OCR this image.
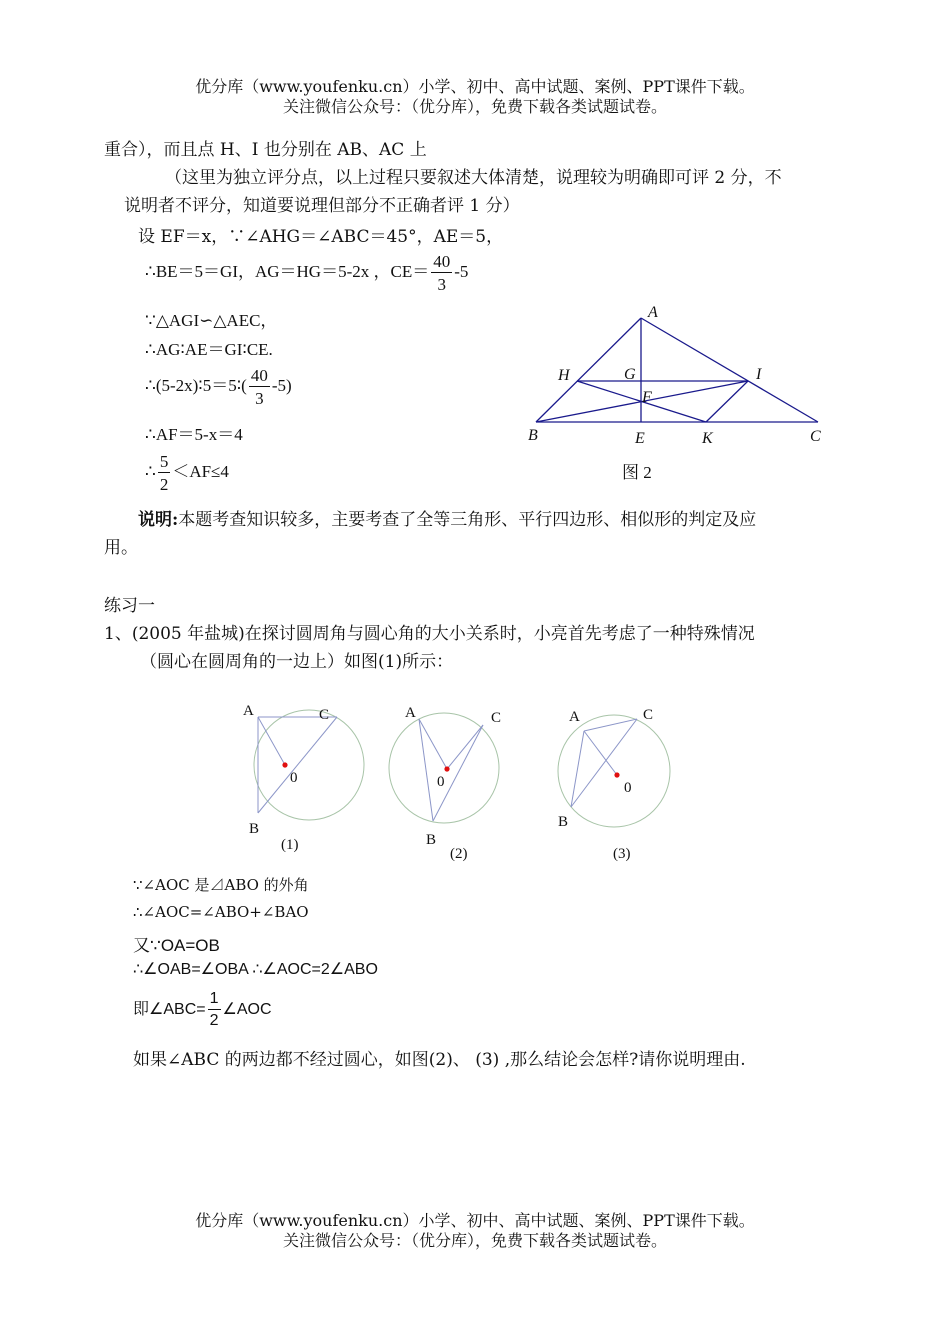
优分库（www.youfenku.cn）小学、初中、高中试题、案例、PPT课件下载。
关注微信公众号：（优分库），免费下载各类试题试卷。
重合），而且点 H、I 也分别在 AB、AC 上
（这里为独立评分点，以上过程只要叙述大体清楚，说理较为明确即可评 2 分，不
说明者不评分，知道要说理但部分不正确者评 1 分）
设 EF＝x，∵∠AHG＝∠ABC＝45°，AE＝5，
∴BE＝5＝GI，AG＝HG＝5-2x ，$CE= \frac{40}{3} -5$
∵△AGI∽△AEC，
∴AG∶AE＝GI∶CE.
∴(5-2x)∶5＝5∶( $\frac{40}{3} -5$)
∴AF＝5-x＝4
∴ $\frac{5}{2} <AF\le 4$
A
H	G	I
F
B	E	K	C
图 2
说明:本题考查知识较多，主要考查了全等三角形、平行四边形、相似形的判定及应
用。
练习一
1、(2005 年盐城)在探讨圆周角与圆心角的大小关系时，小亮首先考虑了一种特殊情况
（圆心在圆周角的一边上）如图(1)所示：
A	C
0
B
(1)
A	C
0
B
(2)
A	C
0
B
(3)
∵∠AOC 是⊿ABO 的外角
∴∠AOC=∠ABO+∠BAO
又∵OA=OB
∴∠OAB=∠OBA ∴∠AOC=2∠ABO
即∠ABC= $\frac{1}{2}$ ∠AOC
如果∠ABC 的两边都不经过圆心，如图(2)、 (3) ,那么结论会怎样?请你说明理由.
优分库（www.youfenku.cn）小学、初中、高中试题、案例、PPT课件下载。
关注微信公众号：（优分库），免费下载各类试题试卷。
